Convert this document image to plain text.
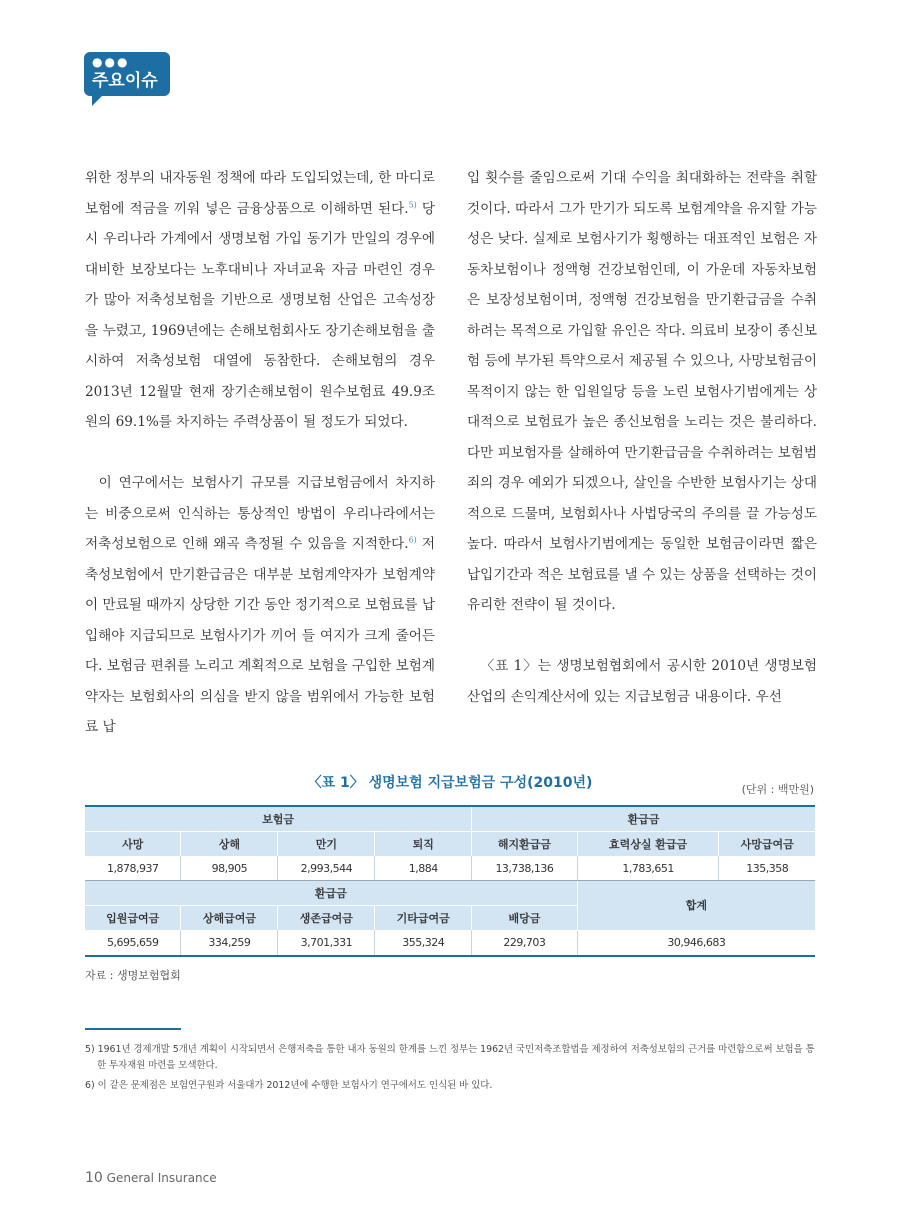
●●●
주요이슈

위한 정부의 내자동원 정책에 따라 도입되었는데, 한 마디로 보험에 적금을 끼워 넣은 금융상품으로 이해하면 된다.$^{5)}$ 당시 우리나라 가계에서 생명보험 가입 동기가 만일의 경우에 대비한 보장보다는 노후대비나 자녀교육 자금 마련인 경우가 많아 저축성보험을 기반으로 생명보험 산업은 고속성장을 누렸고, 1969년에는 손해보험회사도 장기손해보험을 출시하여 저축성보험 대열에 동참한다. 손해보험의 경우 2013년 12월말 현재 장기손해보험이 원수보험료 49.9조원의 69.1%를 차지하는 주력상품이 될 정도가 되었다.

이 연구에서는 보험사기 규모를 지급보험금에서 차지하는 비중으로써 인식하는 통상적인 방법이 우리나라에서는 저축성보험으로 인해 왜곡 측정될 수 있음을 지적한다.$^{6)}$ 저축성보험에서 만기환급금은 대부분 보험계약자가 보험계약이 만료될 때까지 상당한 기간 동안 정기적으로 보험료를 납입해야 지급되므로 보험사기가 끼어 들 여지가 크게 줄어든다. 보험금 편취를 노리고 계획적으로 보험을 구입한 보험계약자는 보험회사의 의심을 받지 않을 범위에서 가능한 보험료 납

입 횟수를 줄임으로써 기대 수익을 최대화하는 전략을 취할 것이다. 따라서 그가 만기가 되도록 보험계약을 유지할 가능성은 낮다. 실제로 보험사기가 횡행하는 대표적인 보험은 자동차보험이나 정액형 건강보험인데, 이 가운데 자동차보험은 보장성보험이며, 정액형 건강보험을 만기환급금을 수취하려는 목적으로 가입할 유인은 작다. 의료비 보장이 종신보험 등에 부가된 특약으로서 제공될 수 있으나, 사망보험금이 목적이지 않는 한 입원일당 등을 노린 보험사기범에게는 상대적으로 보험료가 높은 종신보험을 노리는 것은 불리하다. 다만 피보험자를 살해하여 만기환급금을 수취하려는 보험범죄의 경우 예외가 되겠으나, 살인을 수반한 보험사기는 상대적으로 드물며, 보험회사나 사법당국의 주의를 끌 가능성도 높다. 따라서 보험사기범에게는 동일한 보험금이라면 짧은 납입기간과 적은 보험료를 낼 수 있는 상품을 선택하는 것이 유리한 전략이 될 것이다.

〈표 1〉는 생명보험협회에서 공시한 2010년 생명보험 산업의 손익계산서에 있는 지급보험금 내용이다. 우선

〈표 1〉 생명보험 지급보험금 구성(2010년)	(단위 : 백만원)
보험금				환급금		
사망	상해	만기	퇴직	해지환급금	효력상실 환급금	사망급여금
1,878,937	98,905	2,993,544	1,884	13,738,136	1,783,651	135,358
환급금					합계	
입원급여금	상해급여금	생존급여금	기타급여금	배당금		
5,695,659	334,259	3,701,331	355,324	229,703	30,946,683	
자료 : 생명보험협회

5) 1961년 경제개발 5개년 계획이 시작되면서 은행저축을 통한 내자 동원의 한계를 느낀 정부는 1962년 국민저축조합법을 제정하여 저축성보험의 근거를 마련함으로써 보험을 통한 투자재원 마련을 모색한다.

6) 이 같은 문제점은 보험연구원과 서울대가 2012년에 수행한 보험사기 연구에서도 인식된 바 있다.

10 General Insurance
